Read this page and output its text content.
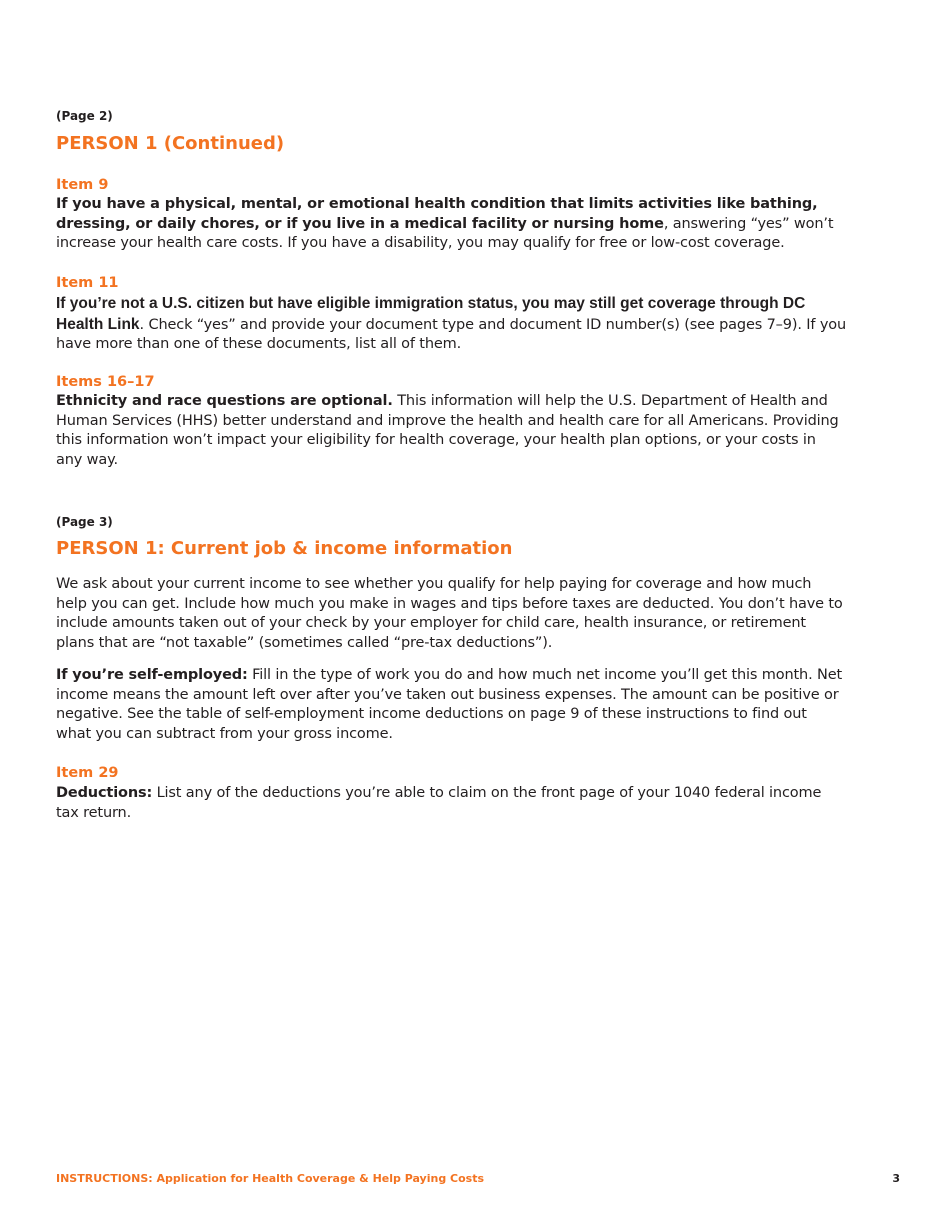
(Page 2)

PERSON 1 (Continued)
Item 9

If you have a physical, mental, or emotional health condition that limits activities like bathing, dressing, or daily chores, or if you live in a medical facility or nursing home, answering “yes” won’t increase your health care costs. If you have a disability, you may qualify for free or low-cost coverage.

Item 11

If you’re not a U.S. citizen but have eligible immigration status, you may still get coverage through DC Health Link. Check “yes” and provide your document type and document ID number(s) (see pages 7–9). If you have more than one of these documents, list all of them.

Items 16–17

Ethnicity and race questions are optional. This information will help the U.S. Department of Health and Human Services (HHS) better understand and improve the health and health care for all Americans. Providing this information won’t impact your eligibility for health coverage, your health plan options, or your costs in any way.

(Page 3)

PERSON 1: Current job & income information

We ask about your current income to see whether you qualify for help paying for coverage and how much help you can get. Include how much you make in wages and tips before taxes are deducted. You don’t have to include amounts taken out of your check by your employer for child care, health insurance, or retirement plans that are “not taxable” (sometimes called “pre-tax deductions”).

If you’re self-employed: Fill in the type of work you do and how much net income you’ll get this month. Net income means the amount left over after you’ve taken out business expenses. The amount can be positive or negative. See the table of self-employment income deductions on page 9 of these instructions to find out what you can subtract from your gross income.

Item 29

Deductions: List any of the deductions you’re able to claim on the front page of your 1040 federal income tax return.

INSTRUCTIONS: Application for Health Coverage & Help Paying Costs	3
